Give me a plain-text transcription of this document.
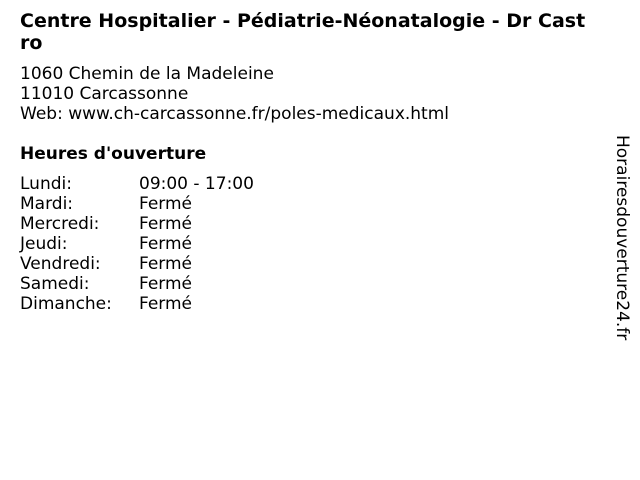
Centre Hospitalier - Pédiatrie-Néonatalogie - Dr Castro
1060 Chemin de la Madeleine
11010 Carcassonne
Web: www.ch-carcassonne.fr/poles-medicaux.html
Heures d'ouverture
Lundi:	09:00 - 17:00
Mardi:	Fermé
Mercredi:	Fermé
Jeudi:	Fermé
Vendredi:	Fermé
Samedi:	Fermé
Dimanche:	Fermé	Horairesdouverture24.fr
